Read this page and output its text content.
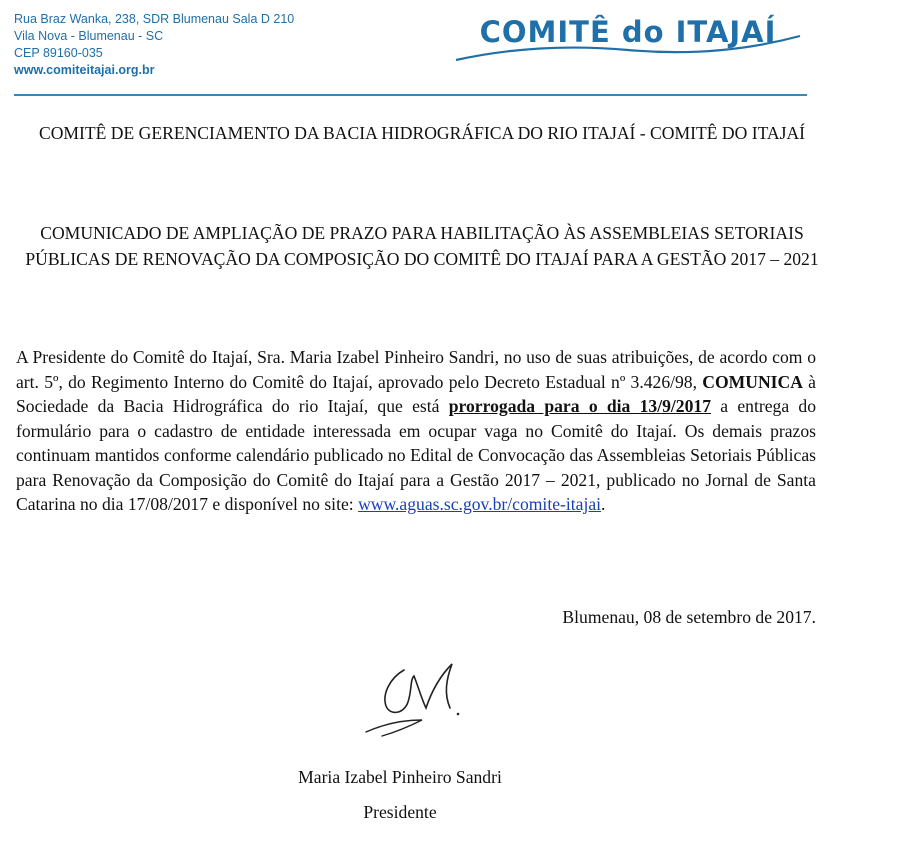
Rua Braz Wanka, 238, SDR Blumenau Sala D 210
Vila Nova - Blumenau - SC
CEP 89160-035
www.comiteitajai.org.br
COMITÊ do ITAJAÍ
COMITÊ DE GERENCIAMENTO DA BACIA HIDROGRÁFICA DO RIO ITAJAÍ - COMITÊ DO ITAJAÍ
COMUNICADO DE AMPLIAÇÃO DE PRAZO PARA HABILITAÇÃO ÀS ASSEMBLEIAS SETORIAIS PÚBLICAS DE RENOVAÇÃO DA COMPOSIÇÃO DO COMITÊ DO ITAJAÍ PARA A GESTÃO 2017 – 2021

A Presidente do Comitê do Itajaí, Sra. Maria Izabel Pinheiro Sandri, no uso de suas atribuições, de acordo com o art. 5º, do Regimento Interno do Comitê do Itajaí, aprovado pelo Decreto Estadual nº 3.426/98, COMUNICA à Sociedade da Bacia Hidrográfica do rio Itajaí, que está prorrogada para o dia 13/9/2017 a entrega do formulário para o cadastro de entidade interessada em ocupar vaga no Comitê do Itajaí. Os demais prazos continuam mantidos conforme calendário publicado no Edital de Convocação das Assembleias Setoriais Públicas para Renovação da Composição do Comitê do Itajaí para a Gestão 2017 – 2021, publicado no Jornal de Santa Catarina no dia 17/08/2017 e disponível no site: www.aguas.sc.gov.br/comite-itajai.

Blumenau, 08 de setembro de 2017.
Maria Izabel Pinheiro Sandri
Presidente
